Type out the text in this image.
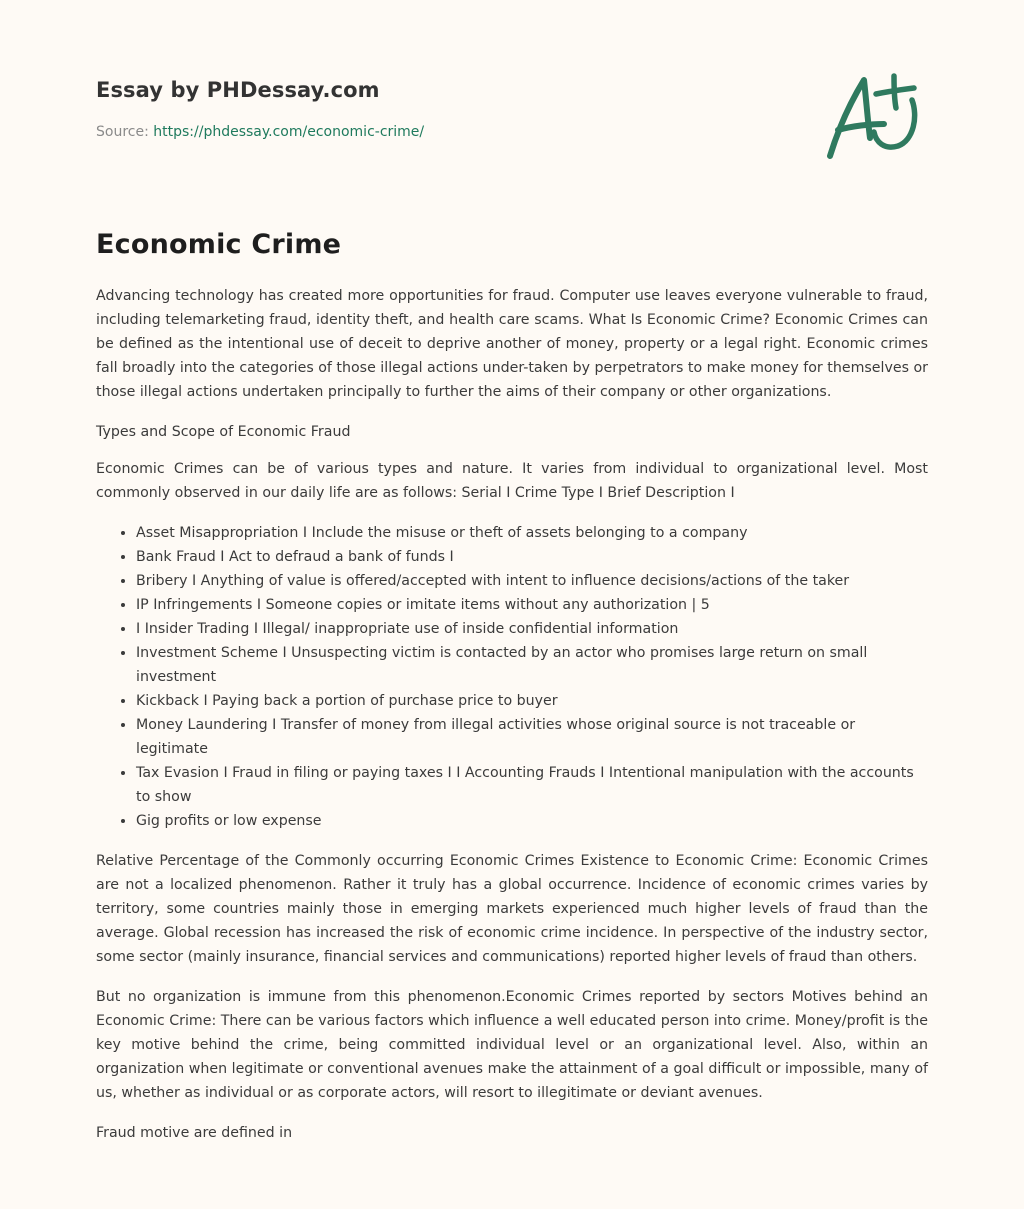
Essay by PHDessay.com
Source: https://phdessay.com/economic-crime/
Economic Crime

Advancing technology has created more opportunities for fraud. Computer use leaves everyone vulnerable to fraud, including telemarketing fraud, identity theft, and health care scams. What Is Economic Crime? Economic Crimes can be defined as the intentional use of deceit to deprive another of money, property or a legal right. Economic crimes fall broadly into the categories of those illegal actions under-taken by perpetrators to make money for themselves or those illegal actions undertaken principally to further the aims of their company or other organizations.

Types and Scope of Economic Fraud

Economic Crimes can be of various types and nature. It varies from individual to organizational level. Most commonly observed in our daily life are as follows: Serial I Crime Type I Brief Description I

• Asset Misappropriation I Include the misuse or theft of assets belonging to a company
• Bank Fraud I Act to defraud a bank of funds I
• Bribery I Anything of value is offered/accepted with intent to influence decisions/actions of the taker
• IP Infringements I Someone copies or imitate items without any authorization | 5
• I Insider Trading I Illegal/ inappropriate use of inside confidential information
• Investment Scheme I Unsuspecting victim is contacted by an actor who promises large return on small investment
• Kickback I Paying back a portion of purchase price to buyer
• Money Laundering I Transfer of money from illegal activities whose original source is not traceable or legitimate
• Tax Evasion I Fraud in filing or paying taxes I I Accounting Frauds I Intentional manipulation with the accounts to show
• Gig profits or low expense

Relative Percentage of the Commonly occurring Economic Crimes Existence to Economic Crime: Economic Crimes are not a localized phenomenon. Rather it truly has a global occurrence. Incidence of economic crimes varies by territory, some countries mainly those in emerging markets experienced much higher levels of fraud than the average. Global recession has increased the risk of economic crime incidence. In perspective of the industry sector, some sector (mainly insurance, financial services and communications) reported higher levels of fraud than others.

But no organization is immune from this phenomenon.Economic Crimes reported by sectors Motives behind an Economic Crime: There can be various factors which influence a well educated person into crime. Money/profit is the key motive behind the crime, being committed individual level or an organizational level. Also, within an organization when legitimate or conventional avenues make the attainment of a goal difficult or impossible, many of us, whether as individual or as corporate actors, will resort to illegitimate or deviant avenues.

Fraud motive are defined in
